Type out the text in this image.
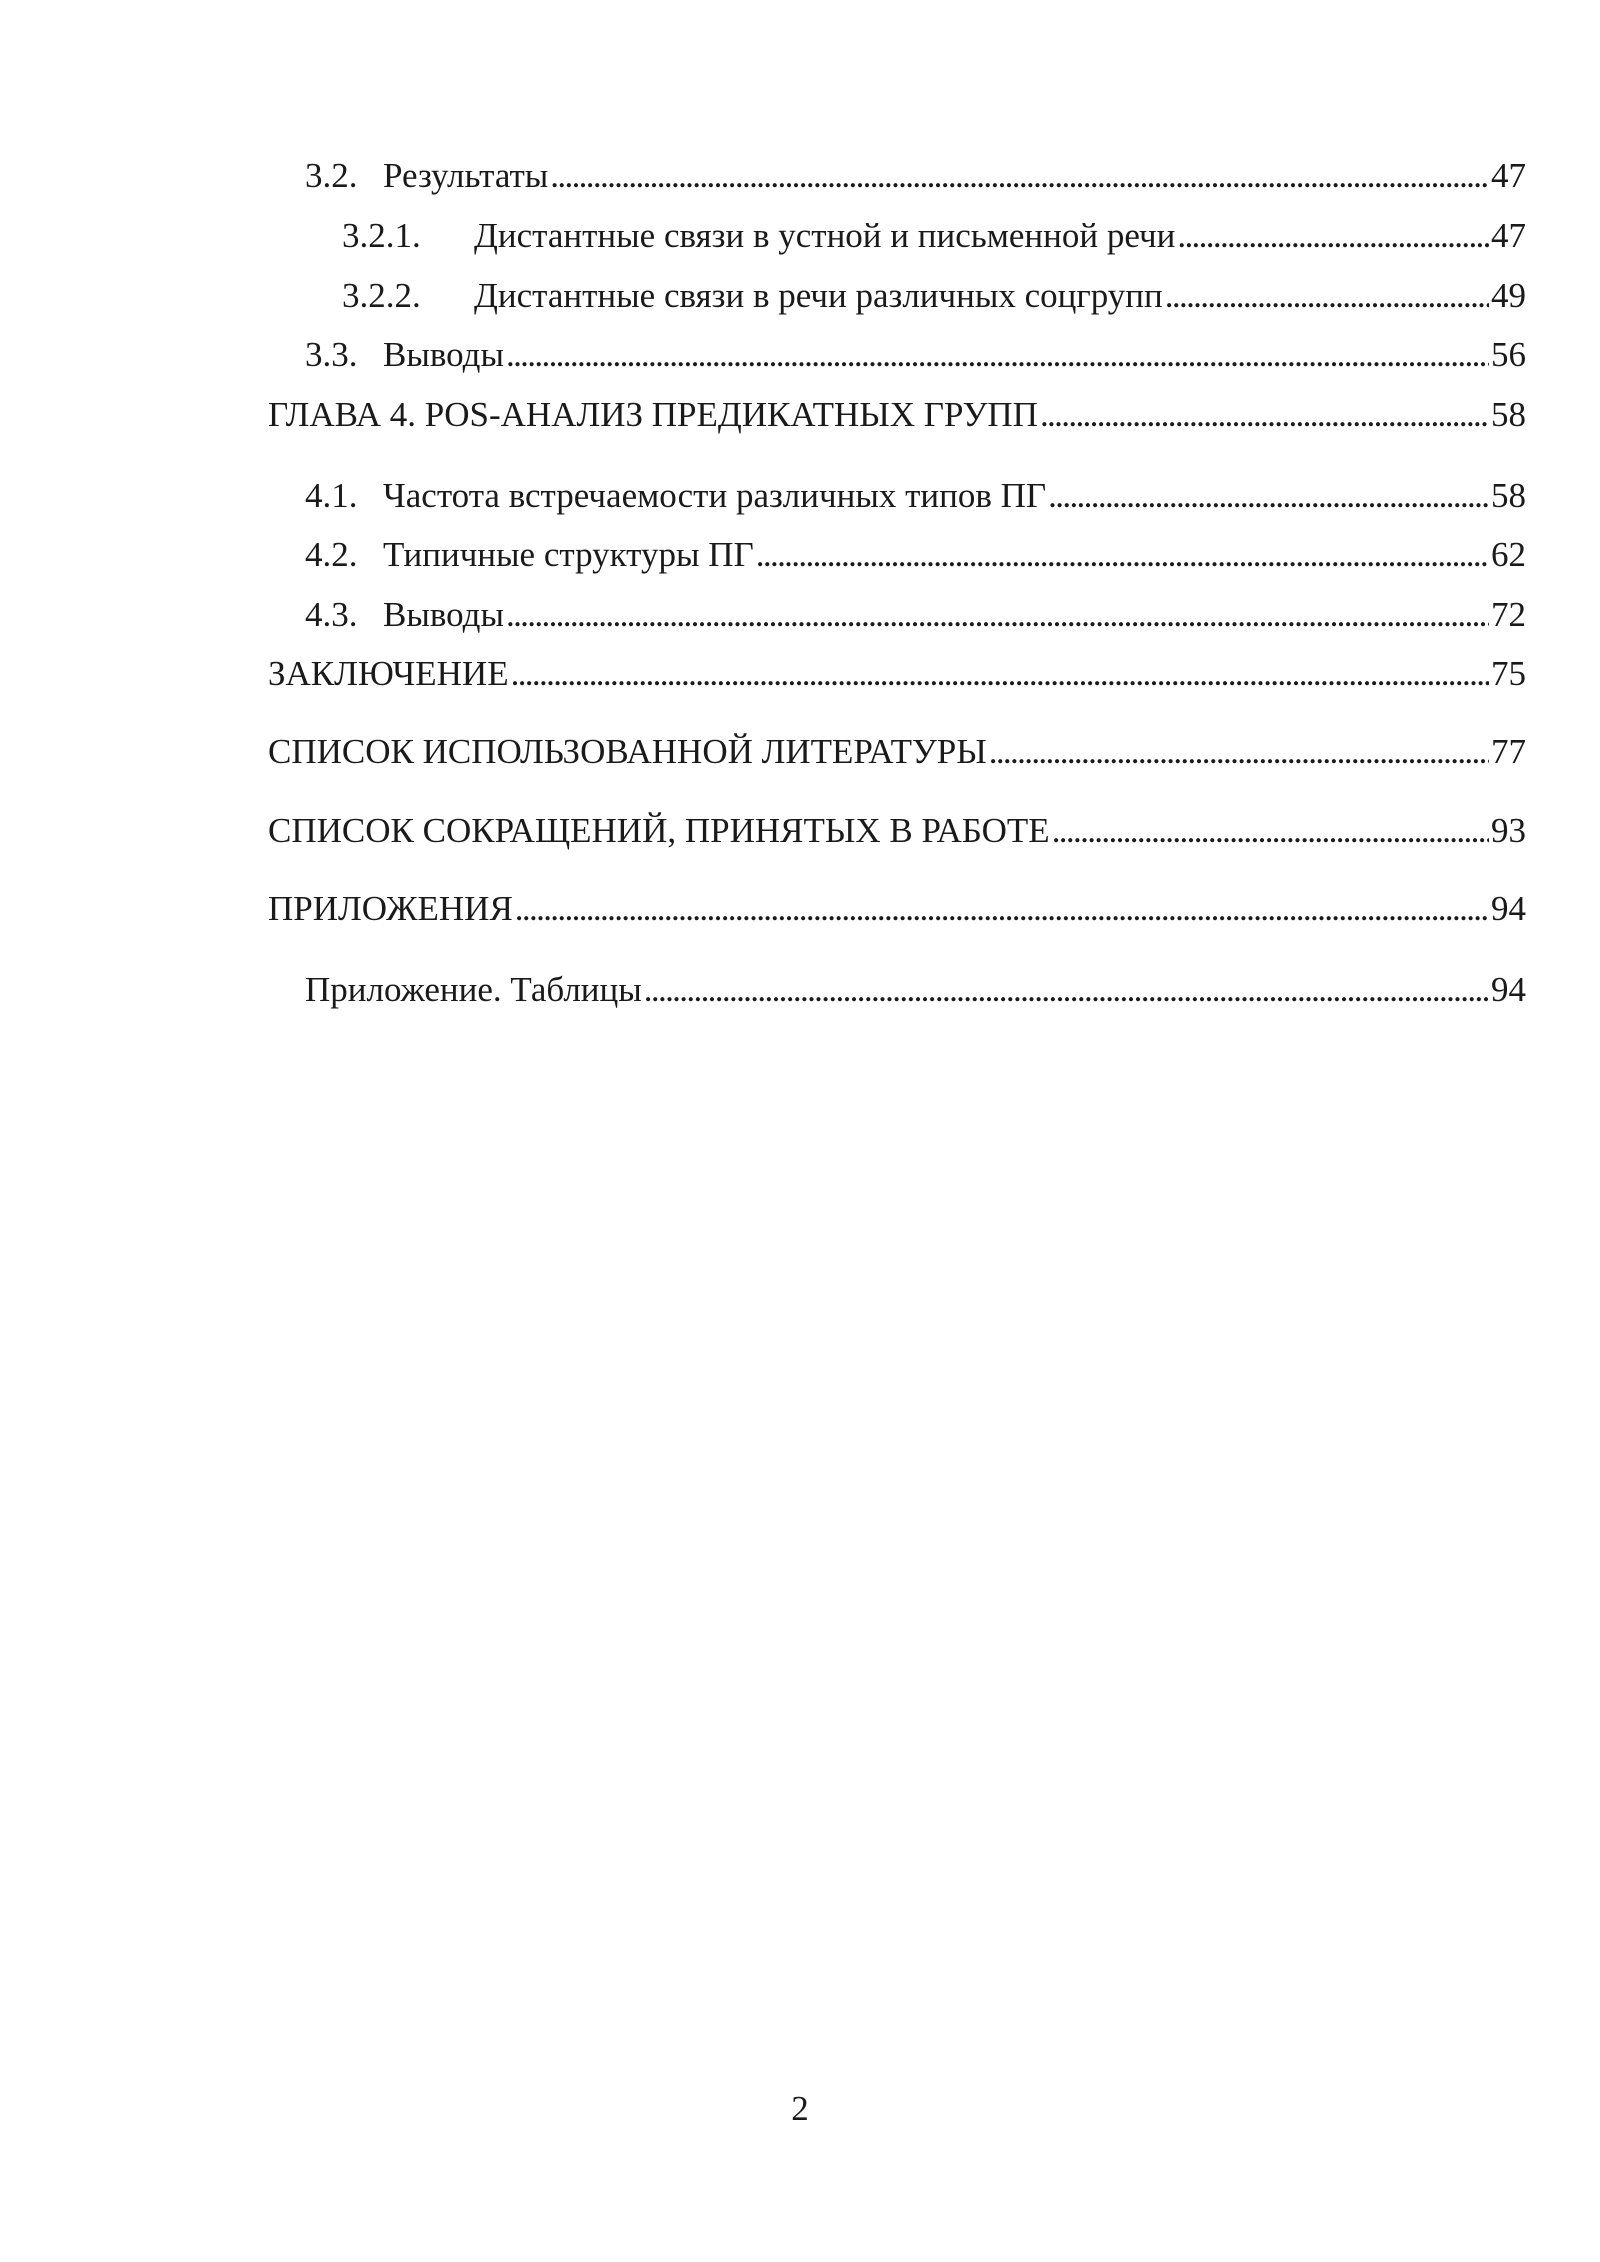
3.2. Результаты . . .	47
3.2.1.	Дистантные связи в устной и письменной речи . . .	47
3.2.2.	Дистантные связи в речи различных соцгрупп . . .	49
3.3. Выводы . . .	56
ГЛАВА 4. POS-АНАЛИЗ ПРЕДИКАТНЫХ ГРУПП . . .	58
4.1. Частота встречаемости различных типов ПГ . . .	58
4.2. Типичные структуры ПГ . . .	62
4.3. Выводы . . .	72
ЗАКЛЮЧЕНИЕ . . .	75
СПИСОК ИСПОЛЬЗОВАННОЙ ЛИТЕРАТУРЫ . . .	77
СПИСОК СОКРАЩЕНИЙ, ПРИНЯТЫХ В РАБОТЕ . . .	93
ПРИЛОЖЕНИЯ . . .	94
Приложение. Таблицы . . .	94
2
